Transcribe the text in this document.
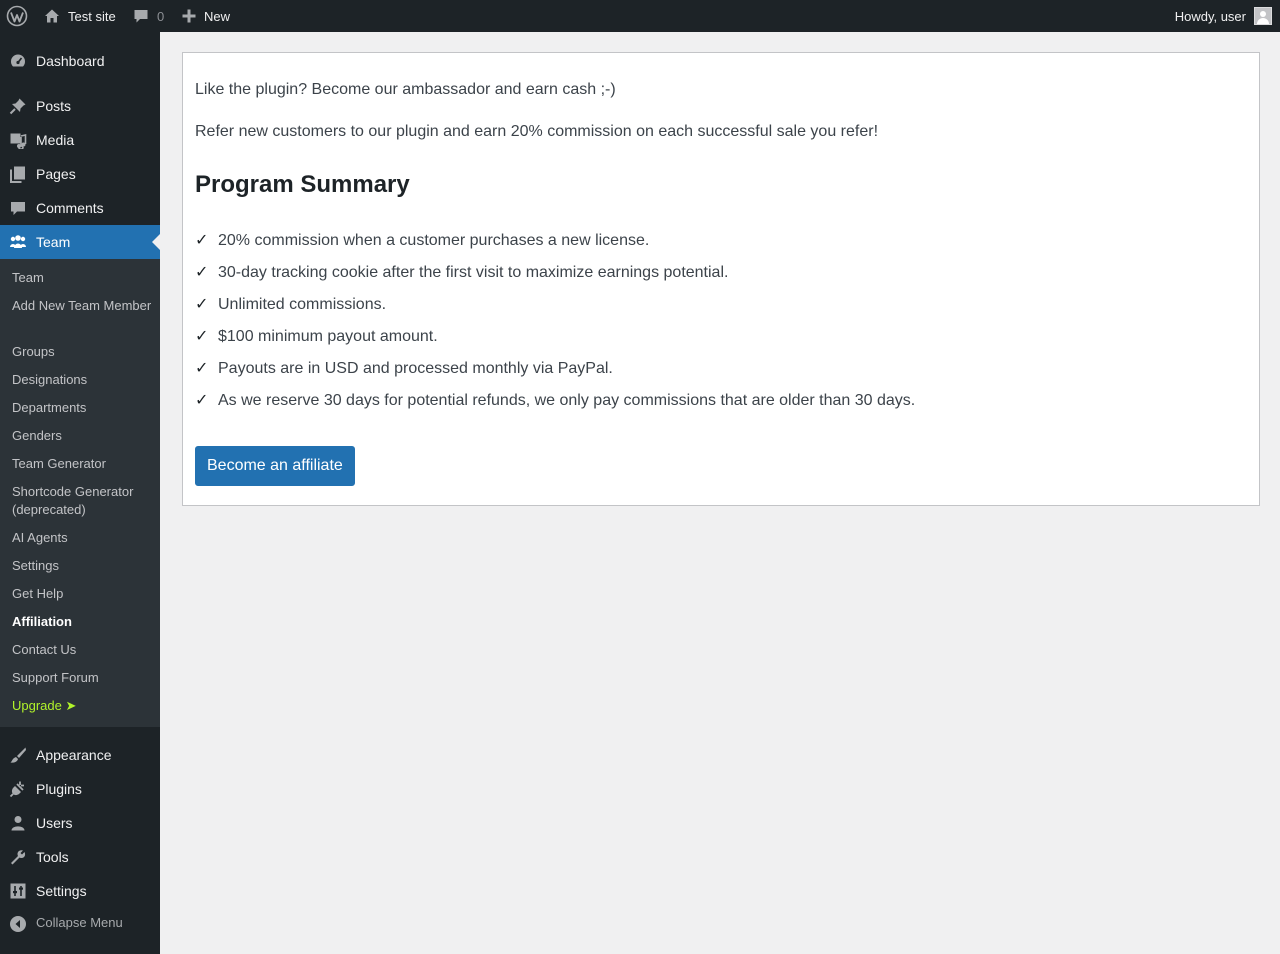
Test site	0	New	Howdy, user
Dashboard
Posts
Media
Pages
Comments
Team
Team
Add New Team Member
Groups
Designations
Departments
Genders
Team Generator
Shortcode Generator (deprecated)
AI Agents
Settings
Get Help
Affiliation
Contact Us
Support Forum
Upgrade ➤
Appearance
Plugins
Users
Tools
Settings
Collapse Menu

Like the plugin? Become our ambassador and earn cash ;-)

Refer new customers to our plugin and earn 20% commission on each successful sale you refer!

Program Summary
✓ 20% commission when a customer purchases a new license.
✓ 30-day tracking cookie after the first visit to maximize earnings potential.
✓ Unlimited commissions.
✓ $100 minimum payout amount.
✓ Payouts are in USD and processed monthly via PayPal.
✓ As we reserve 30 days for potential refunds, we only pay commissions that are older than 30 days.
Become an affiliate
